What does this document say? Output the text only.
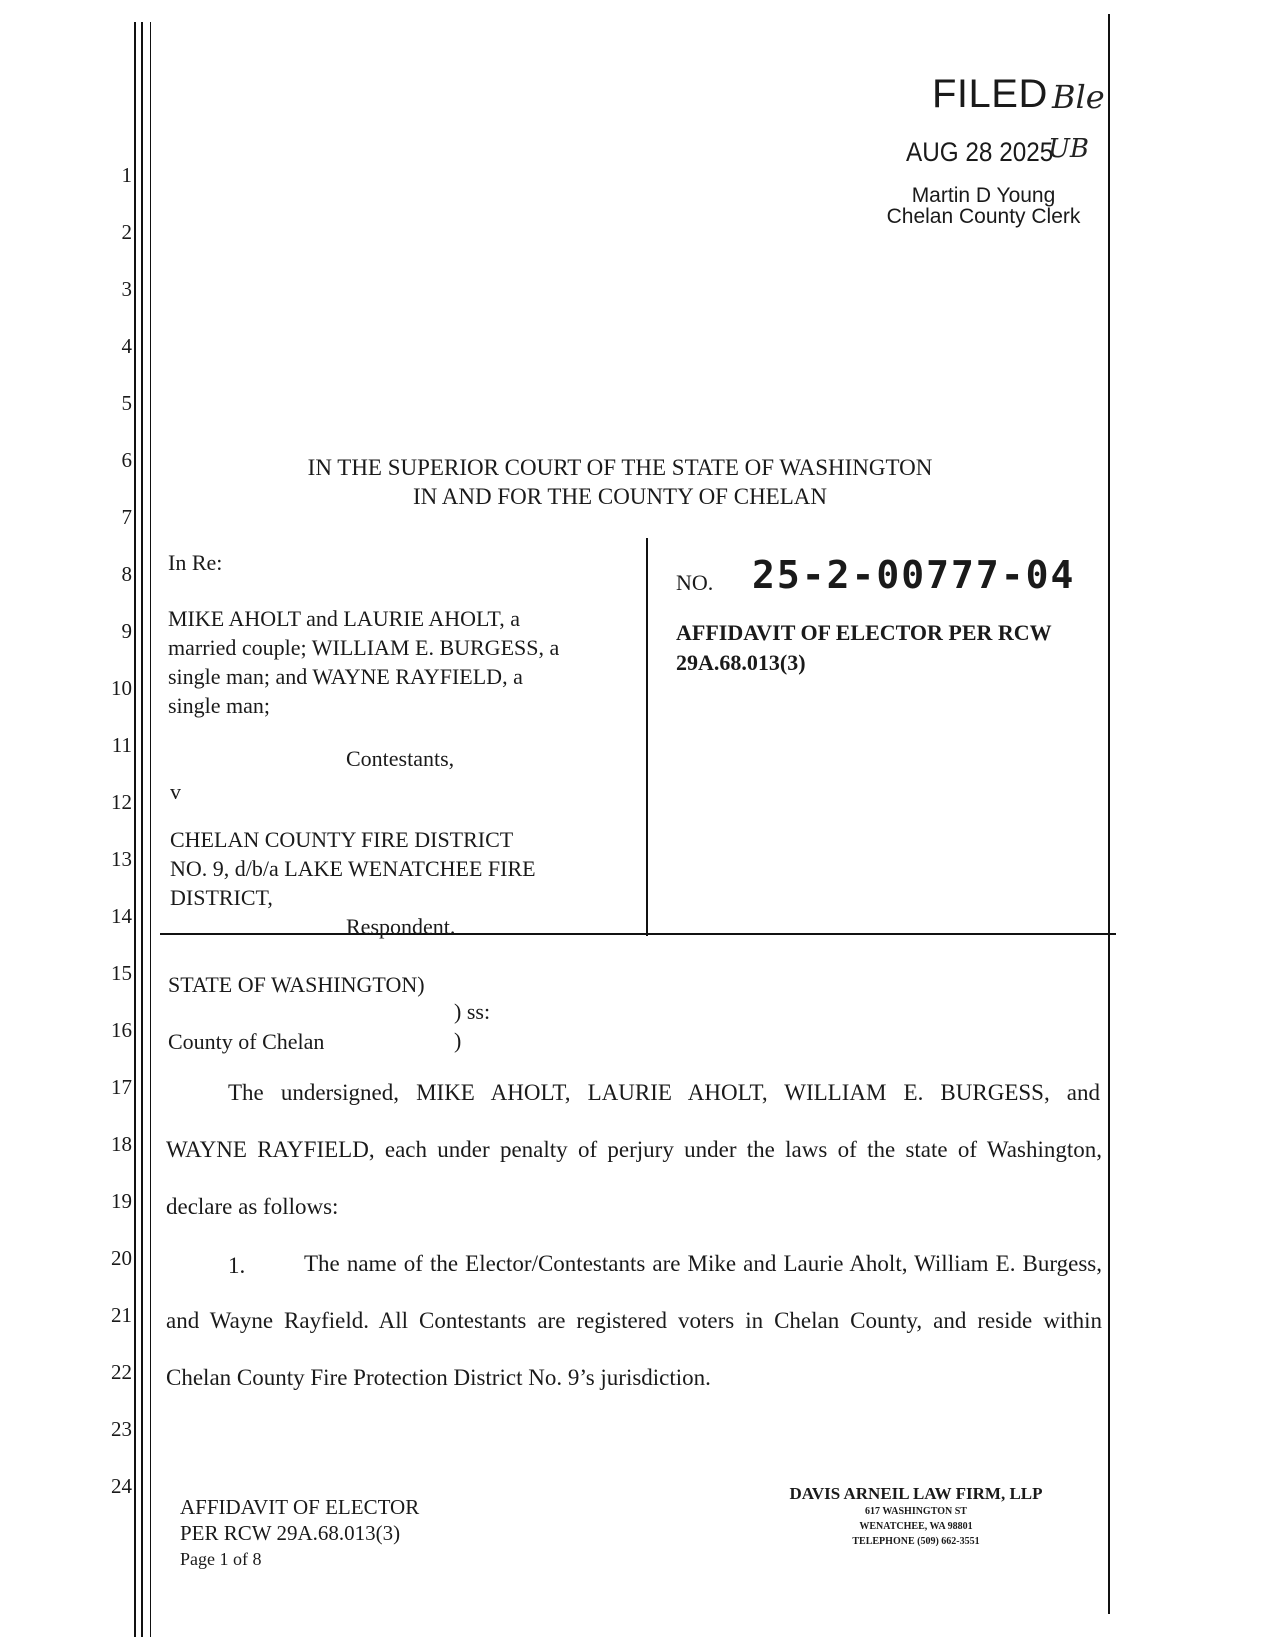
1
2
3
4
5
6
7
8
9
10
11
12
13
14
15
16
17
18
19
20
21
22
23
24
FILED
AUG 28 2025
Martin D Young
Chelan County Clerk
Ble
UB
IN THE SUPERIOR COURT OF THE STATE OF WASHINGTON
IN AND FOR THE COUNTY OF CHELAN
In Re:
MIKE AHOLT and LAURIE AHOLT, a
married couple; WILLIAM E. BURGESS, a
single man; and WAYNE RAYFIELD, a
single man;
Contestants,
v
CHELAN COUNTY FIRE DISTRICT
NO. 9, d/b/a LAKE WENATCHEE FIRE
DISTRICT,
Respondent.
NO. 25-2-00777-04
AFFIDAVIT OF ELECTOR PER RCW
29A.68.013(3)
STATE OF WASHINGTON)
) ss:
County of Chelan	)
The undersigned, MIKE AHOLT, LAURIE AHOLT, WILLIAM E. BURGESS, and
WAYNE RAYFIELD, each under penalty of perjury under the laws of the state of Washington,
declare as follows:
1.	The name of the Elector/Contestants are Mike and Laurie Aholt, William E. Burgess,
and Wayne Rayfield. All Contestants are registered voters in Chelan County, and reside within
Chelan County Fire Protection District No. 9’s jurisdiction.
AFFIDAVIT OF ELECTOR
PER RCW 29A.68.013(3)
Page 1 of 8
DAVIS ARNEIL LAW FIRM, LLP
617 WASHINGTON ST
WENATCHEE, WA 98801
TELEPHONE (509) 662-3551
